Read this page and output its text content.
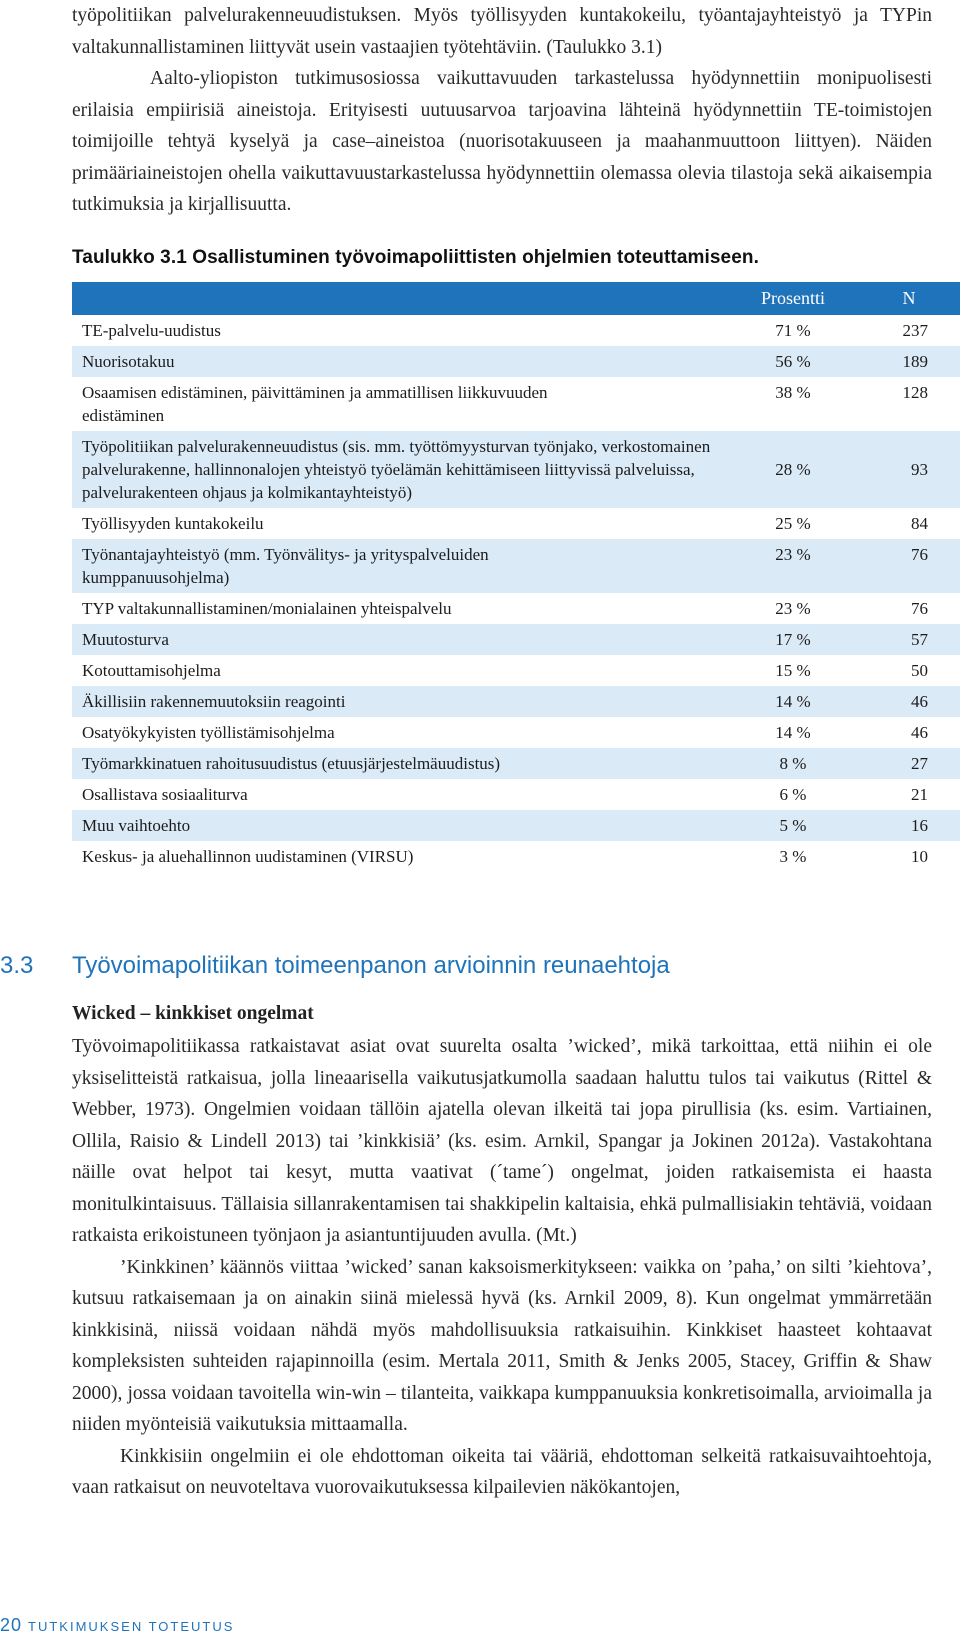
työpolitiikan palvelurakenneuudistuksen. Myös työllisyyden kuntakokeilu, työantajayhteistyö ja TYPin valtakunnallistaminen liittyvät usein vastaajien työtehtäviin. (Taulukko 3.1)

Aalto-yliopiston tutkimusosiossa vaikuttavuuden tarkastelussa hyödynnettiin monipuolisesti erilaisia empiirisiä aineistoja. Erityisesti uutuusarvoa tarjoavina lähteinä hyödynnettiin TE-toimistojen toimijoille tehtyä kyselyä ja case–aineistoa (nuorisotakuuseen ja maahanmuuttoon liittyen). Näiden primääriaineistojen ohella vaikuttavuustarkastelussa hyödynnettiin olemassa olevia tilastoja sekä aikaisempia tutkimuksia ja kirjallisuutta.

Taulukko 3.1 Osallistuminen työvoimapoliittisten ohjelmien toteuttamiseen.
	Prosentti	N
TE-palvelu-uudistus	71 %	237
Nuorisotakuu	56 %	189
Osaamisen edistäminen, päivittäminen ja ammatillisen liikkuvuuden edistäminen	38 %	128
Työpolitiikan palvelurakenneuudistus (sis. mm. työttömyysturvan työnjako, verkostomainen palvelurakenne, hallinnonalojen yhteistyö työelämän kehittämiseen liittyvissä palveluissa, palvelurakenteen ohjaus ja kolmikantayhteistyö)	28 %	93
Työllisyyden kuntakokeilu	25 %	84
Työnantajayhteistyö (mm. Työnvälitys- ja yrityspalveluiden kumppanuusohjelma)	23 %	76
TYP valtakunnallistaminen/monialainen yhteispalvelu	23 %	76
Muutosturva	17 %	57
Kotouttamisohjelma	15 %	50
Äkillisiin rakennemuutoksiin reagointi	14 %	46
Osatyökykyisten työllistämisohjelma	14 %	46
Työmarkkinatuen rahoitusuudistus (etuusjärjestelmäuudistus)	8 %	27
Osallistava sosiaaliturva	6 %	21
Muu vaihtoehto	5 %	16
Keskus- ja aluehallinnon uudistaminen (VIRSU)	3 %	10
3.3 Työvoimapolitiikan toimeenpanon arvioinnin reunaehtoja
Wicked – kinkkiset ongelmat

Työvoimapolitiikassa ratkaistavat asiat ovat suurelta osalta ’wicked’, mikä tarkoittaa, että niihin ei ole yksiselitteistä ratkaisua, jolla lineaarisella vaikutusjatkumolla saadaan haluttu tulos tai vaikutus (Rittel & Webber, 1973). Ongelmien voidaan tällöin ajatella olevan ilkeitä tai jopa pirullisia (ks. esim. Vartiainen, Ollila, Raisio & Lindell 2013) tai ’kinkkisiä’ (ks. esim. Arnkil, Spangar ja Jokinen 2012a). Vastakohtana näille ovat helpot tai kesyt, mutta vaativat (´tame´) ongelmat, joiden ratkaisemista ei haasta monitulkintaisuus. Tällaisia sillanrakentamisen tai shakkipelin kaltaisia, ehkä pulmallisiakin tehtäviä, voidaan ratkaista erikoistuneen työnjaon ja asiantuntijuuden avulla. (Mt.)

’Kinkkinen’ käännös viittaa ’wicked’ sanan kaksoismerkitykseen: vaikka on ’paha,’ on silti ’kiehtova’, kutsuu ratkaisemaan ja on ainakin siinä mielessä hyvä (ks. Arnkil 2009, 8). Kun ongelmat ymmärretään kinkkisinä, niissä voidaan nähdä myös mahdollisuuksia ratkaisuihin. Kinkkiset haasteet kohtaavat kompleksisten suhteiden rajapinnoilla (esim. Mertala 2011, Smith & Jenks 2005, Stacey, Griffin & Shaw 2000), jossa voidaan tavoitella win-win – tilanteita, vaikkapa kumppanuuksia konkretisoimalla, arvioimalla ja niiden myönteisiä vaikutuksia mittaamalla.

Kinkkisiin ongelmiin ei ole ehdottoman oikeita tai vääriä, ehdottoman selkeitä ratkaisuvaihtoehtoja, vaan ratkaisut on neuvoteltava vuorovaikutuksessa kilpailevien näkökantojen,

20 TUTKIMUKSEN TOTEUTUS
